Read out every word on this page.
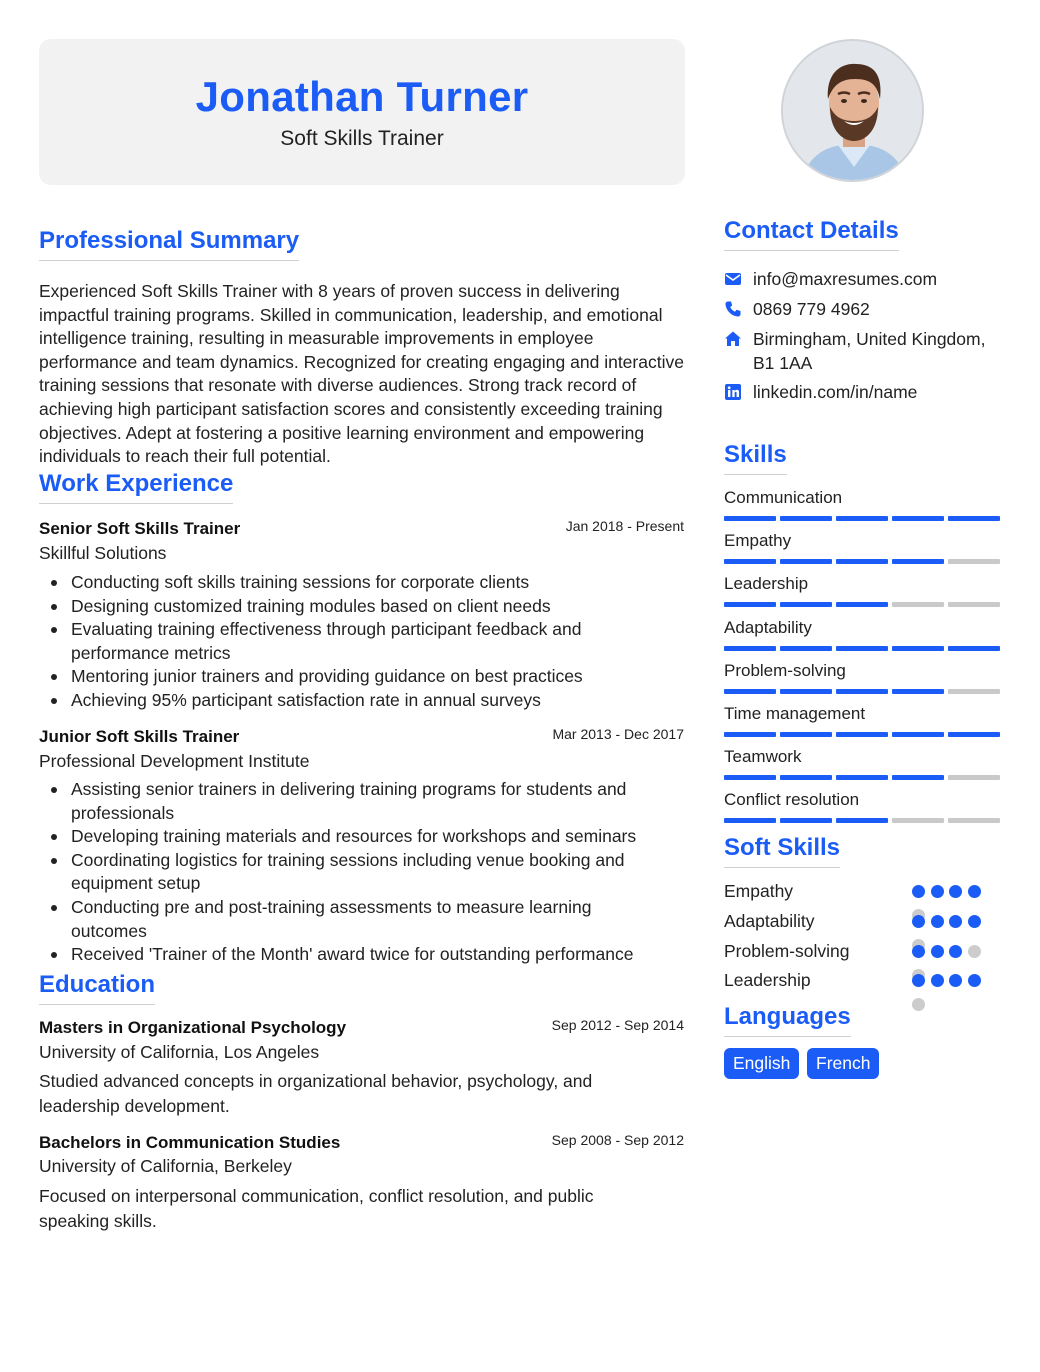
Jonathan Turner
Soft Skills Trainer
Professional Summary
Experienced Soft Skills Trainer with 8 years of proven success in delivering impactful training programs. Skilled in communication, leadership, and emotional intelligence training, resulting in measurable improvements in employee performance and team dynamics. Recognized for creating engaging and interactive training sessions that resonate with diverse audiences. Strong track record of achieving high participant satisfaction scores and consistently exceeding training objectives. Adept at fostering a positive learning environment and empowering individuals to reach their full potential.
Work Experience
Senior Soft Skills Trainer	Jan 2018 - Present
Skillful Solutions
Conducting soft skills training sessions for corporate clients
Designing customized training modules based on client needs
Evaluating training effectiveness through participant feedback and performance metrics
Mentoring junior trainers and providing guidance on best practices
Achieving 95% participant satisfaction rate in annual surveys
Junior Soft Skills Trainer	Mar 2013 - Dec 2017
Professional Development Institute
Assisting senior trainers in delivering training programs for students and professionals
Developing training materials and resources for workshops and seminars
Coordinating logistics for training sessions including venue booking and equipment setup
Conducting pre and post-training assessments to measure learning outcomes
Received 'Trainer of the Month' award twice for outstanding performance
Education
Masters in Organizational Psychology	Sep 2012 - Sep 2014
University of California, Los Angeles
Studied advanced concepts in organizational behavior, psychology, and leadership development.
Bachelors in Communication Studies	Sep 2008 - Sep 2012
University of California, Berkeley
Focused on interpersonal communication, conflict resolution, and public speaking skills.
Contact Details
info@maxresumes.com
0869 779 4962
Birmingham, United Kingdom, B1 1AA
linkedin.com/in/name
Skills
Communication
Empathy
Leadership
Adaptability
Problem-solving
Time management
Teamwork
Conflict resolution
Soft Skills
Empathy
Adaptability
Problem-solving
Leadership
Languages
English	French
